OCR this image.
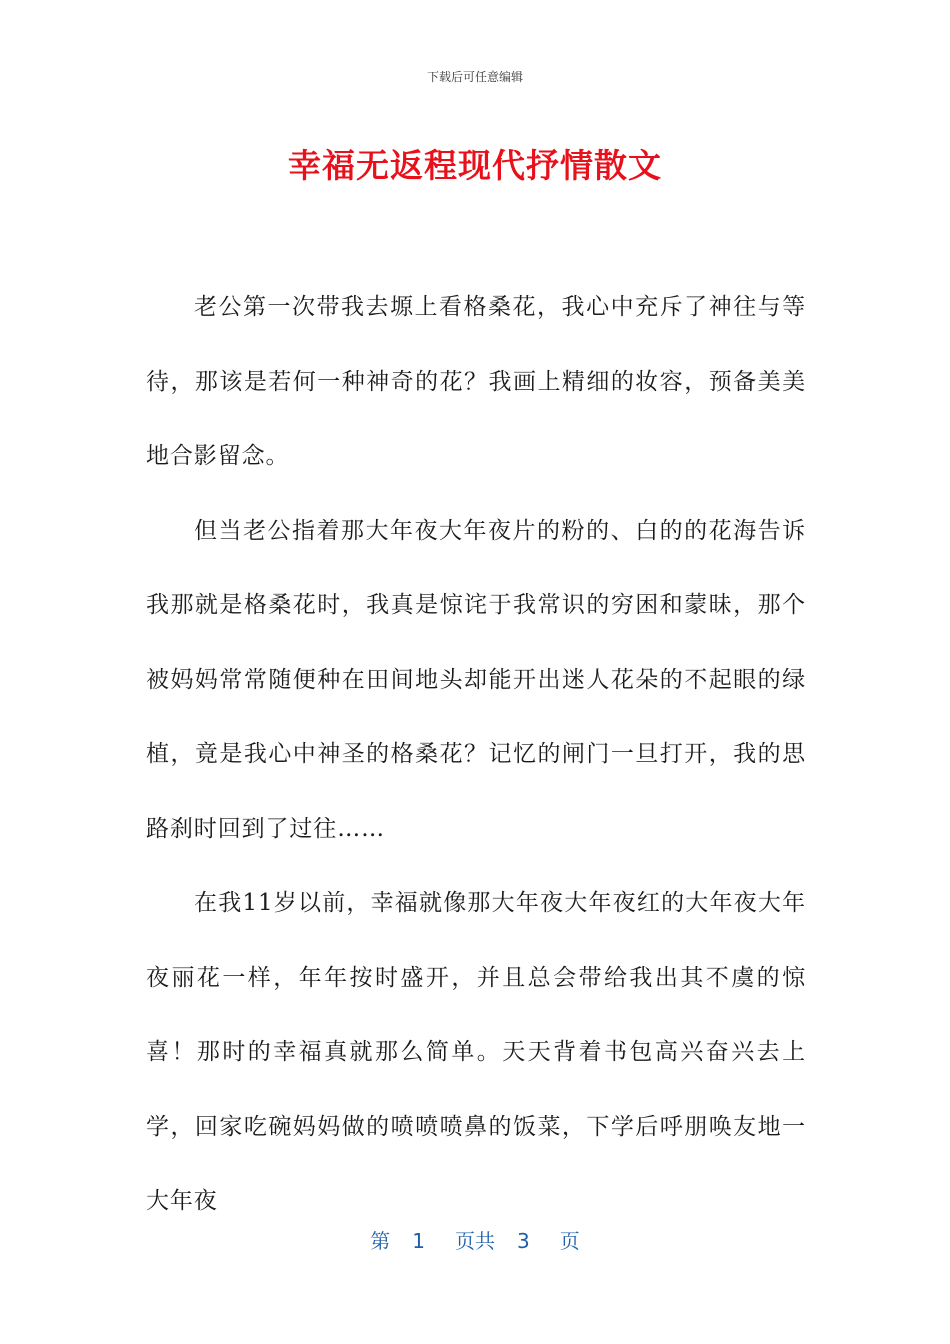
下载后可任意编辑
幸福无返程现代抒情散文

老公第一次带我去塬上看格桑花，我心中充斥了神往与等待，那该是若何一种神奇的花？我画上精细的妆容，预备美美地合影留念。

但当老公指着那大年夜大年夜片的粉的、白的的花海告诉我那就是格桑花时，我真是惊诧于我常识的穷困和蒙昧，那个被妈妈常常随便种在田间地头却能开出迷人花朵的不起眼的绿植，竟是我心中神圣的格桑花？记忆的闸门一旦打开，我的思路刹时回到了过往……

在我11岁以前，幸福就像那大年夜大年夜红的大年夜大年夜丽花一样，年年按时盛开，并且总会带给我出其不虞的惊喜！那时的幸福真就那么简单。天天背着书包高兴奋兴去上学，回家吃碗妈妈做的喷喷喷鼻的饭菜，下学后呼朋唤友地一大年夜

第 1 页共 3 页
